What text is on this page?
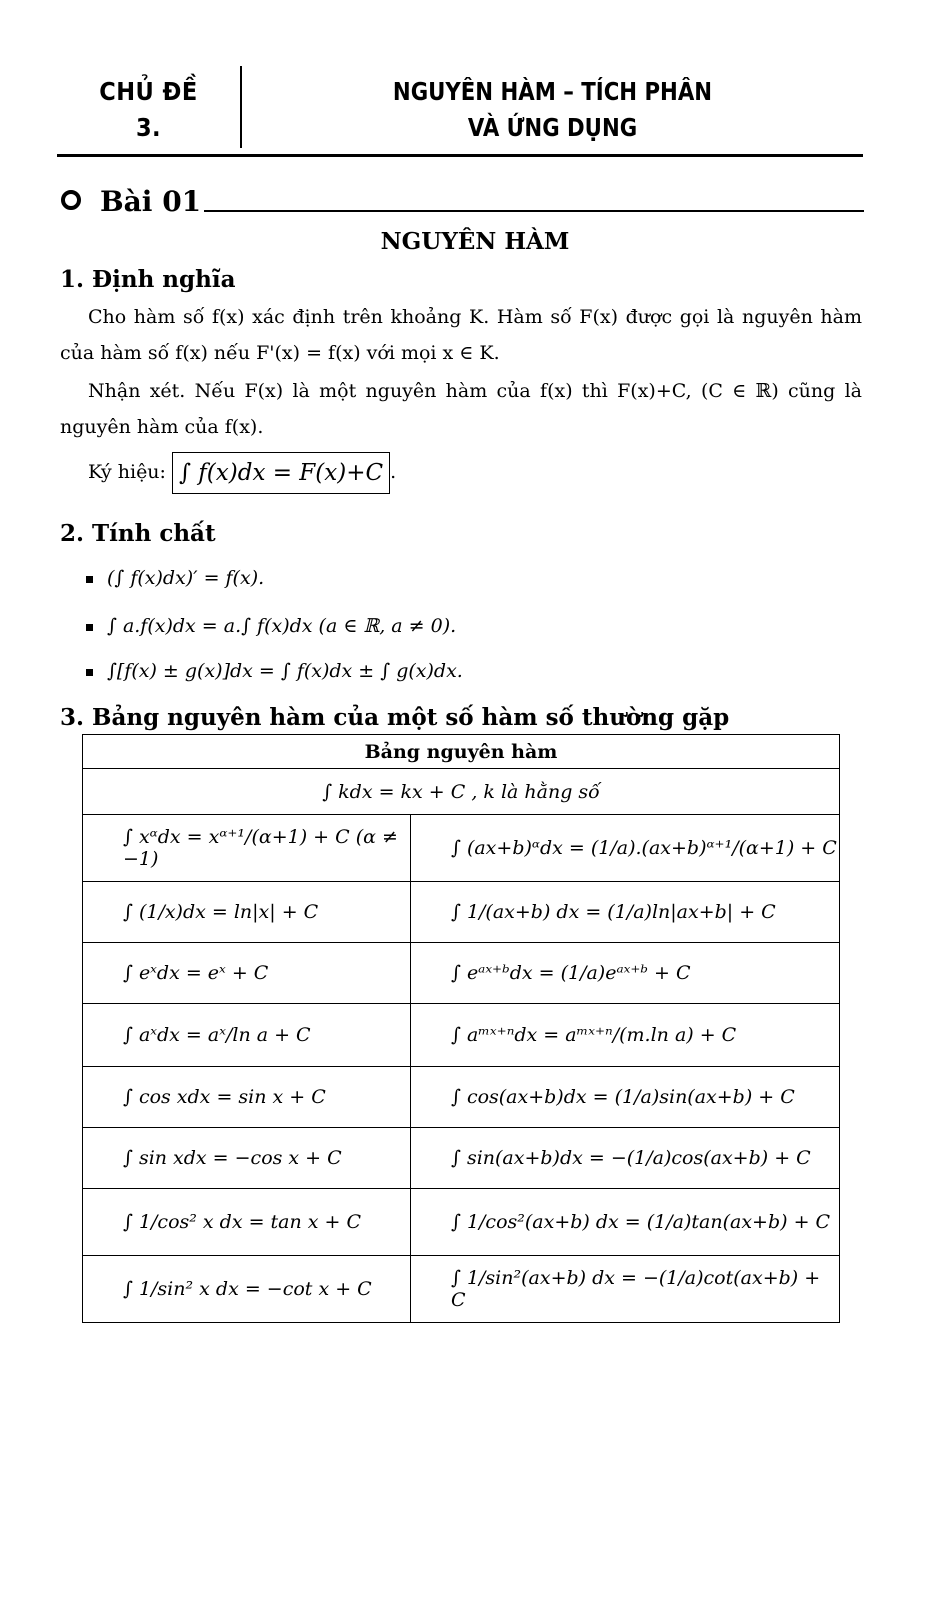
CHỦ ĐỀ
3.
NGUYÊN HÀM – TÍCH PHÂN
VÀ ỨNG DỤNG
Bài 01
NGUYÊN HÀM
1. Định nghĩa
Cho hàm số f(x) xác định trên khoảng K. Hàm số F(x) được gọi là nguyên hàm của hàm số f(x) nếu F'(x) = f(x) với mọi x ∈ K.
Nhận xét. Nếu F(x) là một nguyên hàm của f(x) thì F(x)+C, (C ∈ ℝ) cũng là nguyên hàm của f(x).
Ký hiệu: ∫ f(x)dx = F(x)+C .
2. Tính chất
(∫ f(x)dx)′ = f(x).
∫ a.f(x)dx = a.∫ f(x)dx (a ∈ ℝ, a ≠ 0).
∫[f(x) ± g(x)]dx = ∫ f(x)dx ± ∫ g(x)dx.
3. Bảng nguyên hàm của một số hàm số thường gặp
Bảng nguyên hàm	
∫ kdx = kx + C , k là hằng số	
∫ xᵅdx = xᵅ⁺¹/(α+1) + C (α ≠ −1)	∫ (ax+b)ᵅdx = (1/a).(ax+b)ᵅ⁺¹/(α+1) + C
∫ (1/x)dx = ln|x| + C	∫ 1/(ax+b) dx = (1/a)ln|ax+b| + C
∫ eˣdx = eˣ + C	∫ eᵃˣ⁺ᵇdx = (1/a)eᵃˣ⁺ᵇ + C
∫ aˣdx = aˣ/ln a + C	∫ aᵐˣ⁺ⁿdx = aᵐˣ⁺ⁿ/(m.ln a) + C
∫ cos xdx = sin x + C	∫ cos(ax+b)dx = (1/a)sin(ax+b) + C
∫ sin xdx = −cos x + C	∫ sin(ax+b)dx = −(1/a)cos(ax+b) + C
∫ 1/cos² x dx = tan x + C	∫ 1/cos²(ax+b) dx = (1/a)tan(ax+b) + C
∫ 1/sin² x dx = −cot x + C	∫ 1/sin²(ax+b) dx = −(1/a)cot(ax+b) + C
